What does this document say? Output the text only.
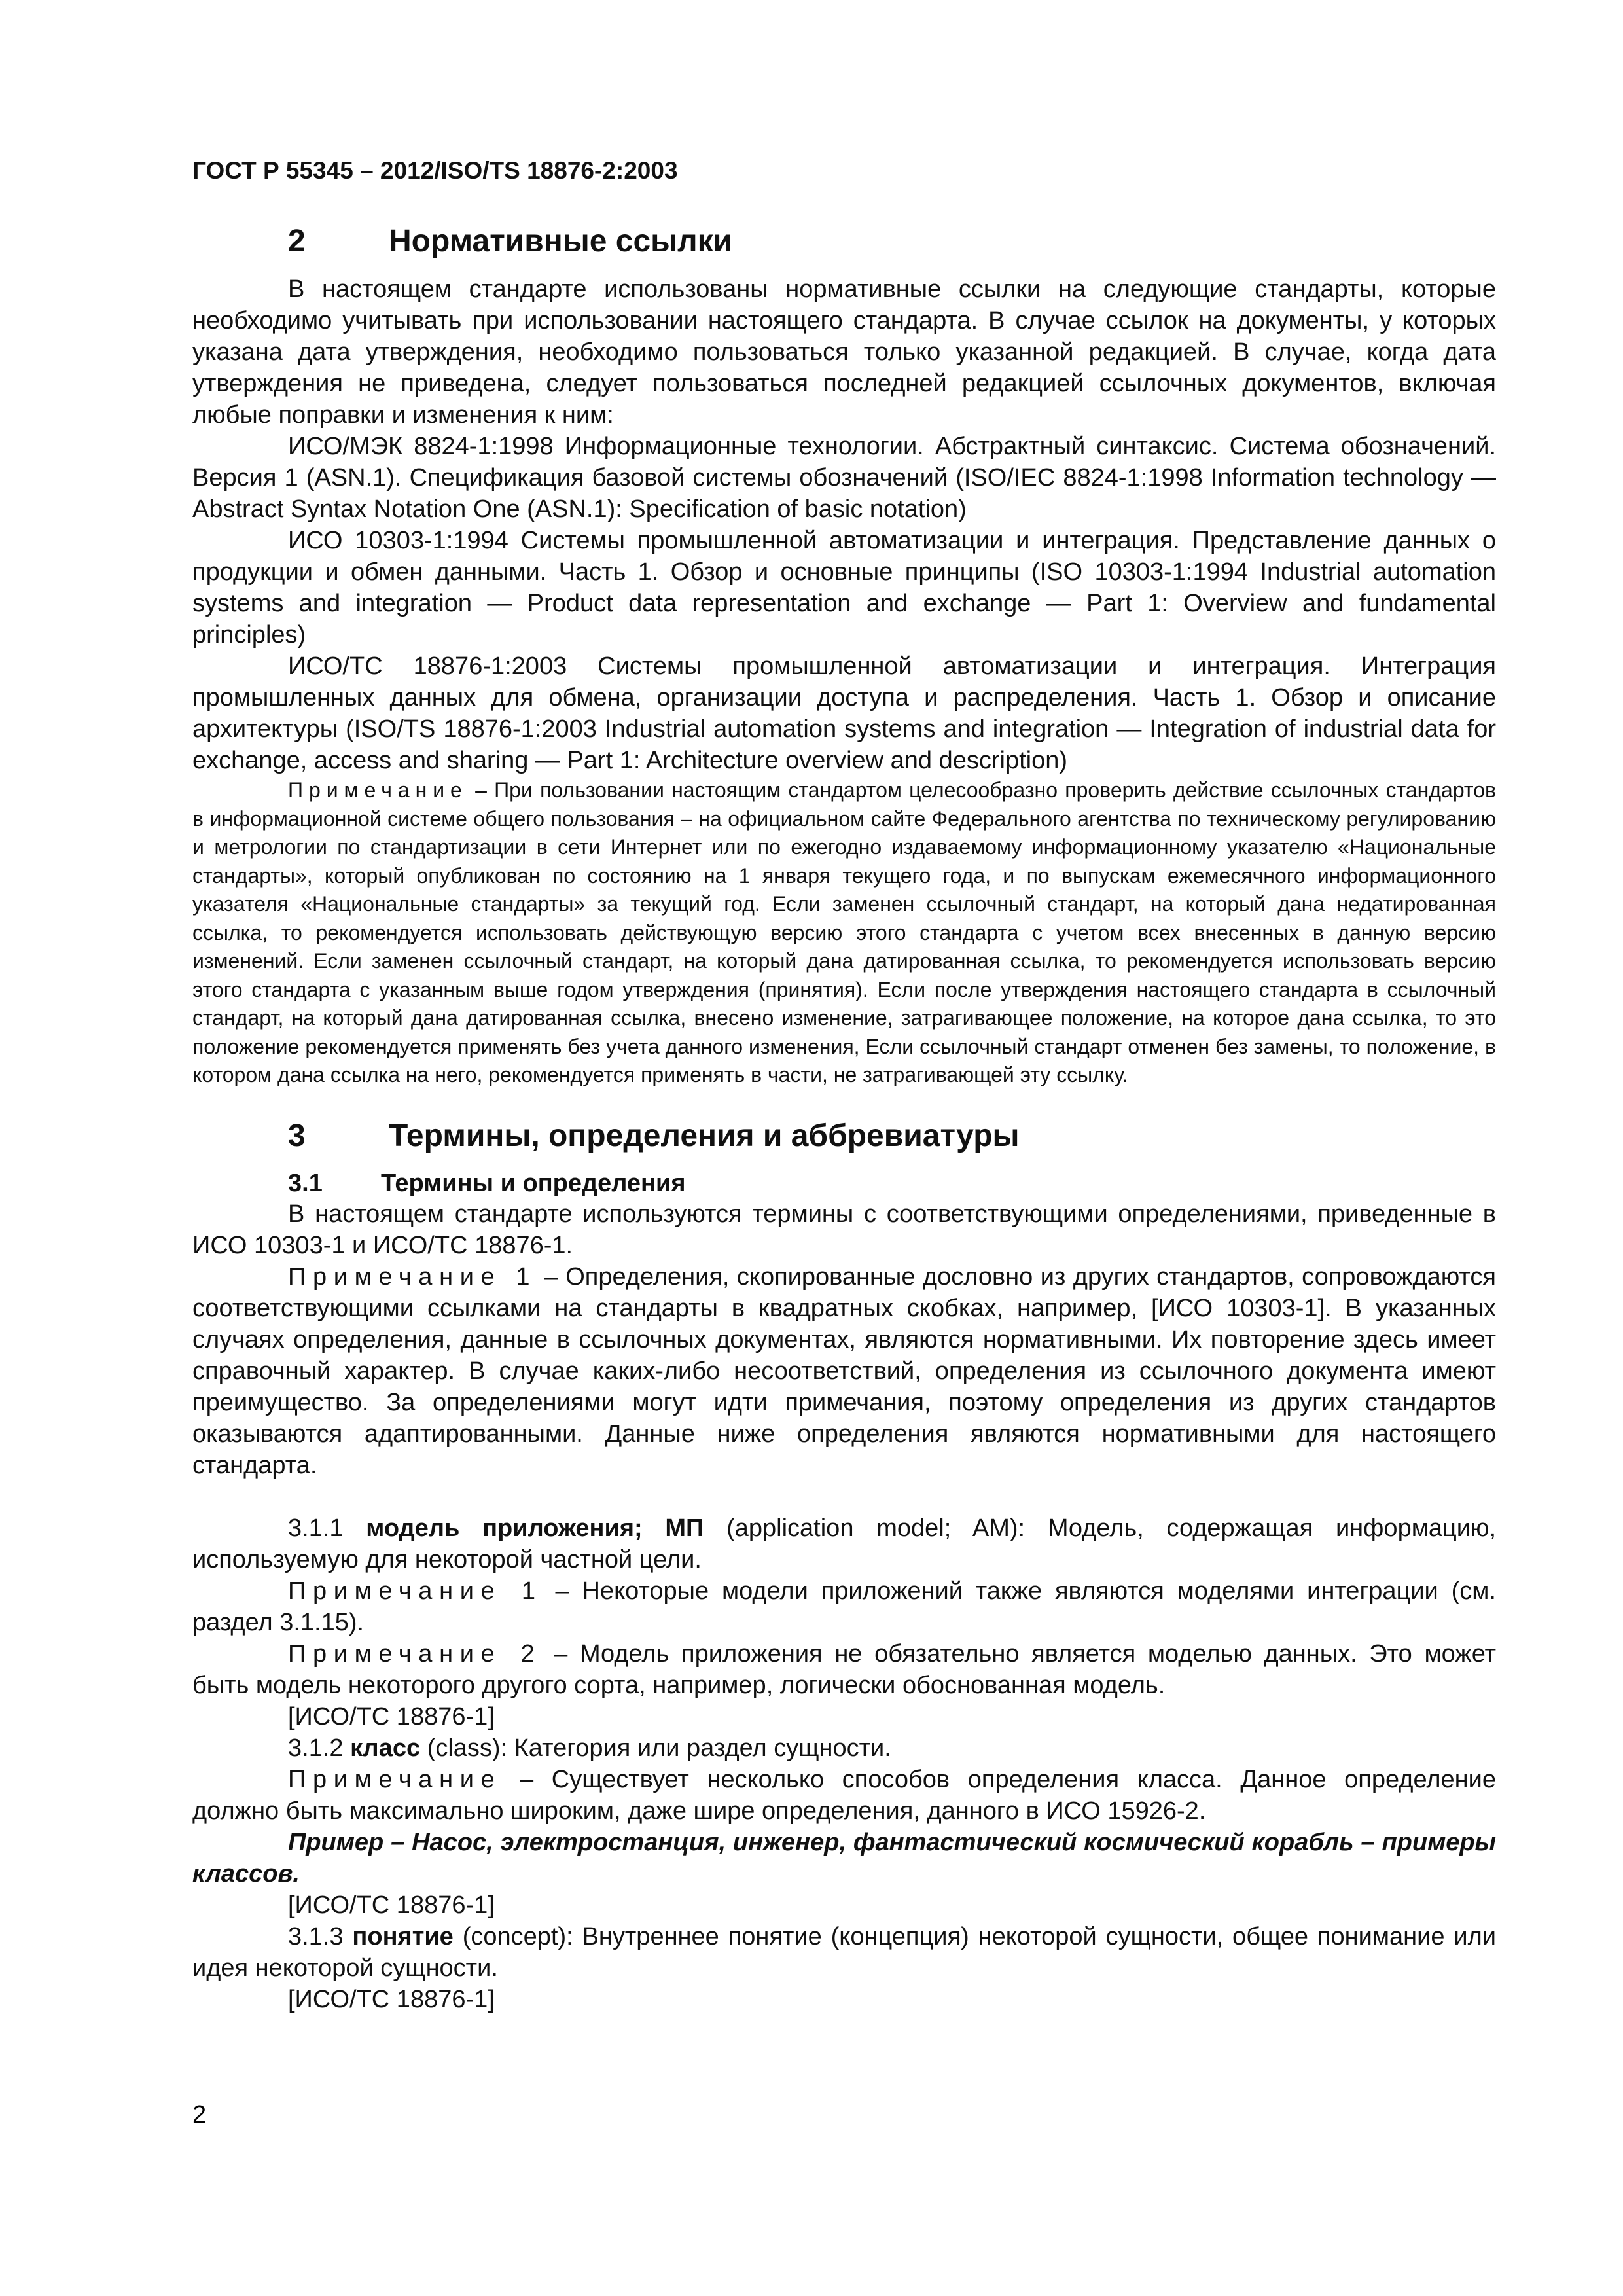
ГОСТ Р 55345 – 2012/ISO/TS 18876-2:2003
2	Нормативные ссылки

В настоящем стандарте использованы нормативные ссылки на следующие стандарты, которые необходимо учитывать при использовании настоящего стандарта. В случае ссылок на документы, у которых указана дата утверждения, необходимо пользоваться только указанной редакцией. В случае, когда дата утверждения не приведена, следует пользоваться последней редакцией ссылочных документов, включая любые поправки и изменения к ним:

ИСО/МЭК 8824-1:1998 Информационные технологии. Абстрактный синтаксис. Система обозначений. Версия 1 (ASN.1). Спецификация базовой системы обозначений (ISO/IEC 8824-1:1998 Information technology — Abstract Syntax Notation One (ASN.1): Specification of basic notation)

ИСО 10303-1:1994 Системы промышленной автоматизации и интеграция. Представление данных о продукции и обмен данными. Часть 1. Обзор и основные принципы (ISO 10303-1:1994 Industrial automation systems and integration — Product data representation and exchange — Part 1: Overview and fundamental principles)

ИСО/ТС 18876-1:2003 Системы промышленной автоматизации и интеграция. Интеграция промышленных данных для обмена, организации доступа и распределения. Часть 1. Обзор и описание архитектуры (ISO/TS 18876-1:2003 Industrial automation systems and integration — Integration of industrial data for exchange, access and sharing — Part 1: Architecture overview and description)

Примечание – При пользовании настоящим стандартом целесообразно проверить действие ссылочных стандартов в информационной системе общего пользования – на официальном сайте Федерального агентства по техническому регулированию и метрологии по стандартизации в сети Интернет или по ежегодно издаваемому информационному указателю «Национальные стандарты», который опубликован по состоянию на 1 января текущего года, и по выпускам ежемесячного информационного указателя «Национальные стандарты» за текущий год. Если заменен ссылочный стандарт, на который дана недатированная ссылка, то рекомендуется использовать действующую версию этого стандарта с учетом всех внесенных в данную версию изменений. Если заменен ссылочный стандарт, на который дана датированная ссылка, то рекомендуется использовать версию этого стандарта с указанным выше годом утверждения (принятия). Если после утверждения настоящего стандарта в ссылочный стандарт, на который дана датированная ссылка, внесено изменение, затрагивающее положение, на которое дана ссылка, то это положение рекомендуется применять без учета данного изменения, Если ссылочный стандарт отменен без замены, то положение, в котором дана ссылка на него, рекомендуется применять в части, не затрагивающей эту ссылку.

3	Термины, определения и аббревиатуры
3.1 Термины и определения

В настоящем стандарте используются термины с соответствующими определениями, приведенные в ИСО 10303-1 и ИСО/ТС 18876-1.

Примечание 1 – Определения, скопированные дословно из других стандартов, сопровождаются соответствующими ссылками на стандарты в квадратных скобках, например, [ИСО 10303-1]. В указанных случаях определения, данные в ссылочных документах, являются нормативными. Их повторение здесь имеет справочный характер. В случае каких-либо несоответствий, определения из ссылочного документа имеют преимущество. За определениями могут идти примечания, поэтому определения из других стандартов оказываются адаптированными. Данные ниже определения являются нормативными для настоящего стандарта.

3.1.1 модель приложения; МП (application model; AM): Модель, содержащая информацию, используемую для некоторой частной цели.

Примечание 1 – Некоторые модели приложений также являются моделями интеграции (см. раздел 3.1.15).

Примечание 2 – Модель приложения не обязательно является моделью данных. Это может быть модель некоторого другого сорта, например, логически обоснованная модель.

[ИСО/ТС 18876-1]

3.1.2 класс (class): Категория или раздел сущности.

Примечание – Существует несколько способов определения класса. Данное определение должно быть максимально широким, даже шире определения, данного в ИСО 15926-2.

Пример – Насос, электростанция, инженер, фантастический космический корабль – примеры классов.

[ИСО/ТС 18876-1]

3.1.3 понятие (concept): Внутреннее понятие (концепция) некоторой сущности, общее понимание или идея некоторой сущности.

[ИСО/ТС 18876-1]

2
